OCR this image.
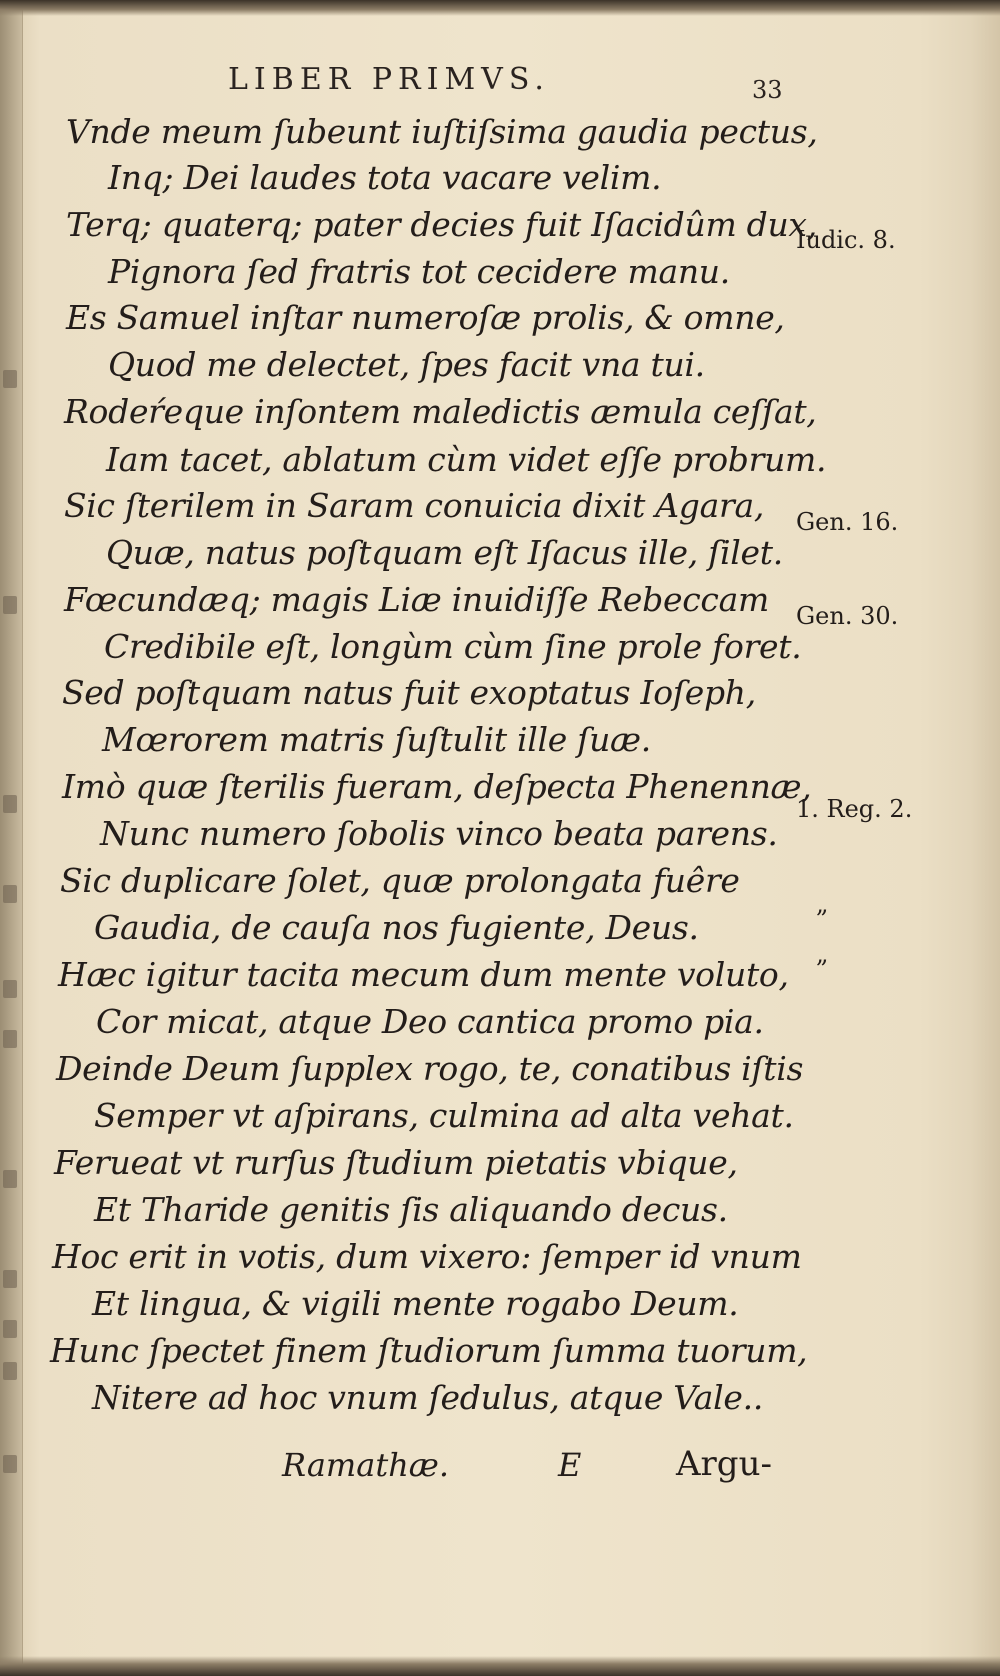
LIBER PRIMVS.	33
Vnde meum ſubeunt iuſtiſsima gaudia pectus,
Inq; Dei laudes tota vacare velim.
Terq; quaterq; pater decies fuit Iſacidûm dux,
Pignora ſed fratris tot cecidere manu.
Es Samuel inſtar numeroſæ prolis, & omne,
Quod me delectet, ſpes facit vna tui.
Rodeŕeque inſontem maledictis æmula ceſſat,
Iam tacet, ablatum cùm videt eſſe probrum.
Sic ſterilem in Saram conuicia dixit Agara,
Quæ, natus poſtquam eſt Iſacus ille, ſilet.
Fœcundæq; magis Liæ inuidiſſe Rebeccam
Credibile eſt, longùm cùm ſine prole foret.
Sed poſtquam natus fuit exoptatus Ioſeph,
Mœrorem matris ſuſtulit ille ſuæ.
Imò quæ ſterilis fueram, deſpecta Phenennæ,
Nunc numero ſobolis vinco beata parens.
Sic duplicare ſolet, quæ prolongata fuêre
Gaudia, de cauſa nos fugiente, Deus.
Hæc igitur tacita mecum dum mente voluto,
Cor micat, atque Deo cantica promo pia.
Deinde Deum ſupplex rogo, te, conatibus iſtis
Semper vt aſpirans, culmina ad alta vehat.
Ferueat vt rurſus ſtudium pietatis vbique,
Et Tharide genitis ſis aliquando decus.
Hoc erit in votis, dum vixero: ſemper id vnum
Et lingua, & vigili mente rogabo Deum.
Hunc ſpectet finem ſtudiorum ſumma tuorum,
Nitere ad hoc vnum ſedulus, atque Vale..
Iudic. 8.
Gen. 16.
Gen. 30.
1. Reg. 2.
„
„
Ramathæ.	E	Argu-
